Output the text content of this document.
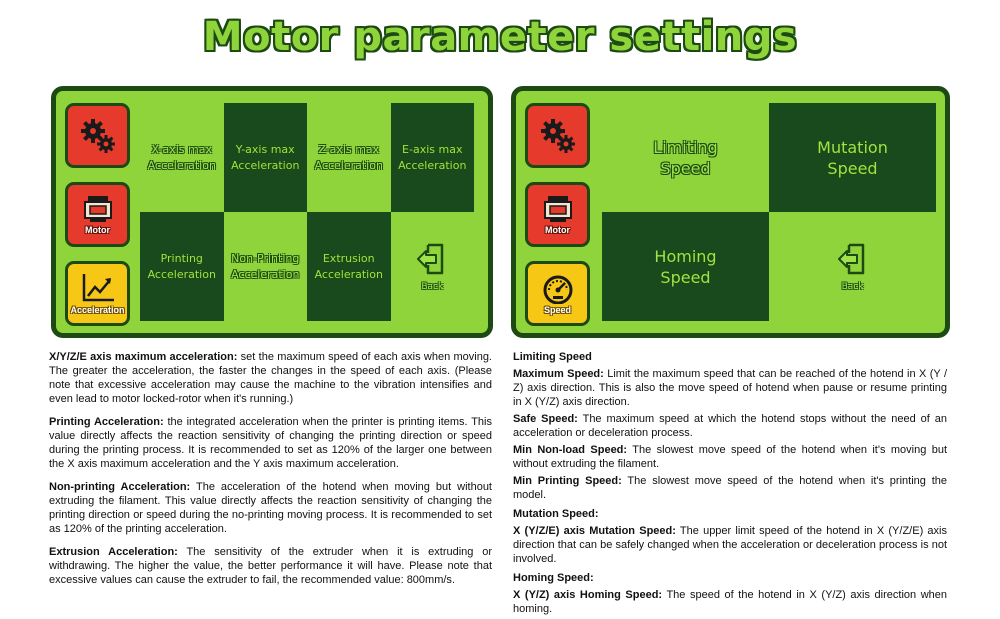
Motor parameter settings
Motor
Acceleration
X-axis max
Acceleration
Y-axis max
Acceleration
Z-axis max
Acceleration
E-axis max
Acceleration
Printing
Acceleration
Non-Printing
Acceleration
Extrusion
Acceleration
Back
Motor
Speed
Limiting
Speed
Mutation
Speed
Homing
Speed	Back

X/Y/Z/E axis maximum acceleration: set the maximum speed of each axis when moving. The greater the acceleration, the faster the changes in the speed of each axis. (Please note that excessive acceleration may cause the machine to the vibration intensifies and even lead to motor locked-rotor when it's running.)

Printing Acceleration: the integrated acceleration when the printer is printing items. This value directly affects the reaction sensitivity of changing the printing direction or speed during the printing process. It is recommended to set as 120% of the larger one between the X axis maximum acceleration and the Y axis maximum acceleration.

Non-printing Acceleration: The acceleration of the hotend when moving but without extruding the filament. This value directly affects the reaction sensitivity of changing the printing direction or speed during the no-printing moving process. It is recommended to set as 120% of the printing acceleration.

Extrusion Acceleration: The sensitivity of the extruder when it is extruding or withdrawing. The higher the value, the better performance it will have. Please note that excessive values can cause the extruder to fail, the recommended value: 800mm/s.

Limiting Speed

Maximum Speed: Limit the maximum speed that can be reached of the hotend in X (Y / Z) axis direction. This is also the move speed of hotend when pause or resume printing in X (Y/Z) axis direction.

Safe Speed: The maximum speed at which the hotend stops without the need of an acceleration or deceleration process.

Min Non-load Speed: The slowest move speed of the hotend when it's moving but without extruding the filament.

Min Printing Speed: The slowest move speed of the hotend when it's printing the model.

Mutation Speed:

X (Y/Z/E) axis Mutation Speed: The upper limit speed of the hotend in X (Y/Z/E) axis direction that can be safely changed when the acceleration or deceleration process is not involved.

Homing Speed:

X (Y/Z) axis Homing Speed: The speed of the hotend in X (Y/Z) axis direction when homing.
